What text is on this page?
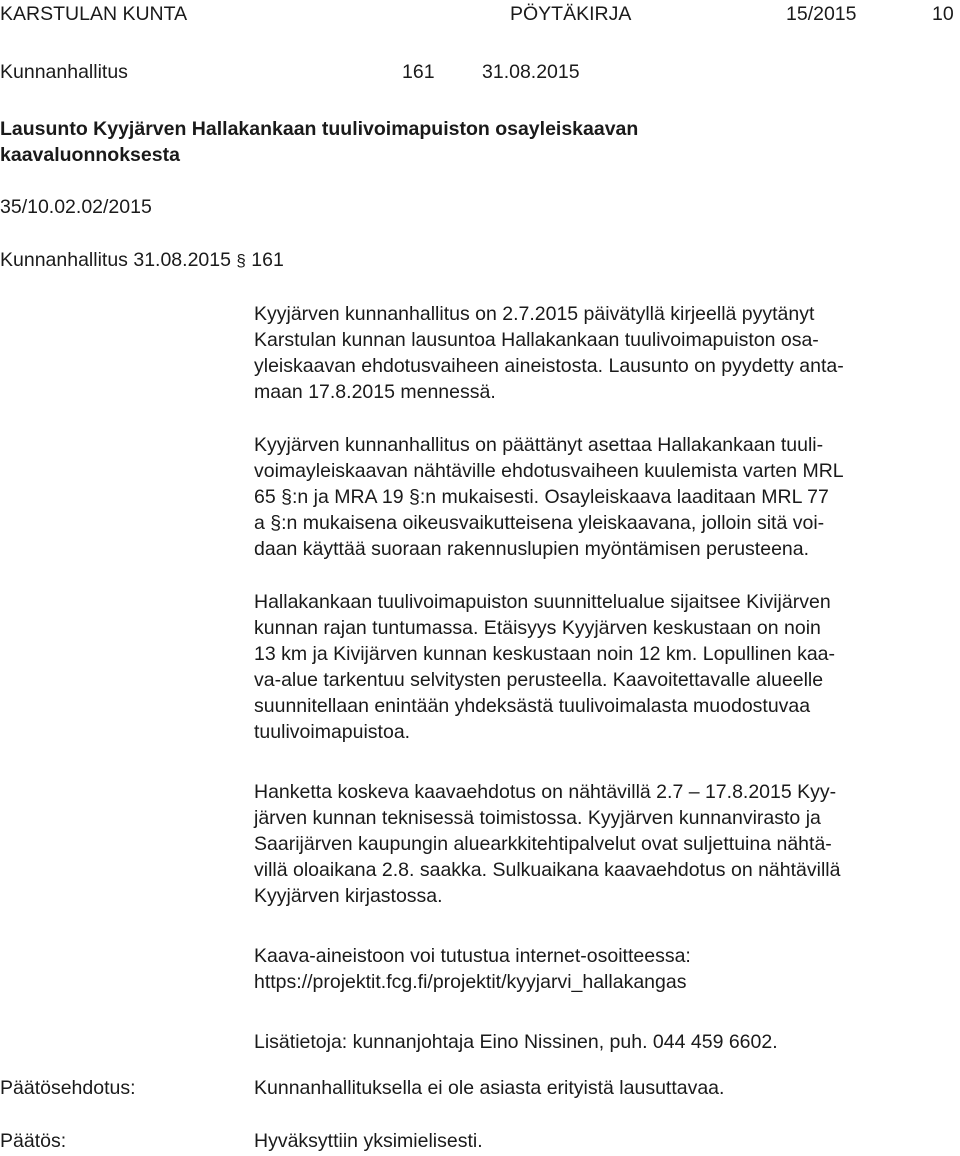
KARSTULAN KUNTA	PÖYTÄKIRJA	15/2015	10
Kunnanhallitus	161 31.08.2015
Lausunto Kyyjärven Hallakankaan tuulivoimapuiston osayleiskaavan
kaavaluonnoksesta
35/10.02.02/2015
Kunnanhallitus 31.08.2015 § 161
Kyyjärven kunnanhallitus on 2.7.2015 päivätyllä kirjeellä pyytänyt
Karstulan kunnan lausuntoa Hallakankaan tuulivoimapuiston osa-
yleiskaavan ehdotusvaiheen aineistosta. Lausunto on pyydetty anta-
maan 17.8.2015 mennessä.
Kyyjärven kunnanhallitus on päättänyt asettaa Hallakankaan tuuli-
voimayleiskaavan nähtäville ehdotusvaiheen kuulemista varten MRL
65 §:n ja MRA 19 §:n mukaisesti. Osayleiskaava laaditaan MRL 77
a §:n mukaisena oikeusvaikutteisena yleiskaavana, jolloin sitä voi-
daan käyttää suoraan rakennuslupien myöntämisen perusteena.
Hallakankaan tuulivoimapuiston suunnittelualue sijaitsee Kivijärven
kunnan rajan tuntumassa. Etäisyys Kyyjärven keskustaan on noin
13 km ja Kivijärven kunnan keskustaan noin 12 km. Lopullinen kaa-
va-alue tarkentuu selvitysten perusteella. Kaavoitettavalle alueelle
suunnitellaan enintään yhdeksästä tuulivoimalasta muodostuvaa
tuulivoimapuistoa.
Hanketta koskeva kaavaehdotus on nähtävillä 2.7 – 17.8.2015 Kyy-
järven kunnan teknisessä toimistossa. Kyyjärven kunnanvirasto ja
Saarijärven kaupungin aluearkkitehtipalvelut ovat suljettuina nähtä-
villä oloaikana 2.8. saakka. Sulkuaikana kaavaehdotus on nähtävillä
Kyyjärven kirjastossa.
Kaava-aineistoon voi tutustua internet-osoitteessa:
https://projektit.fcg.fi/projektit/kyyjarvi_hallakangas
Lisätietoja: kunnanjohtaja Eino Nissinen, puh. 044 459 6602.
Päätösehdotus:	Kunnanhallituksella ei ole asiasta erityistä lausuttavaa.
Päätös:	Hyväksyttiin yksimielisesti.
